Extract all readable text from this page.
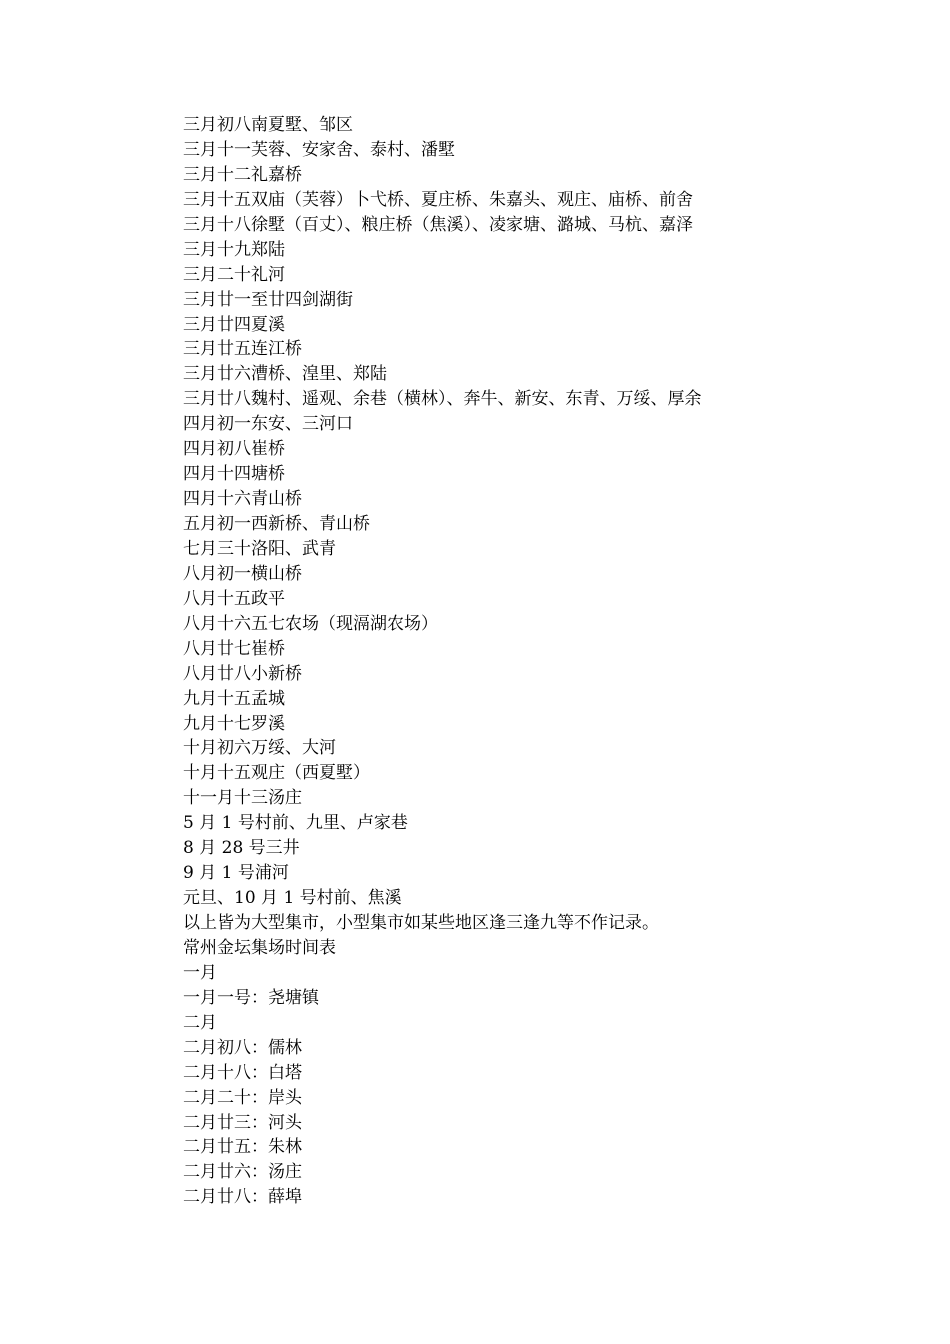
三月初八南夏墅、邹区
三月十一芙蓉、安家舍、泰村、潘墅
三月十二礼嘉桥
三月十五双庙（芙蓉）卜弋桥、夏庄桥、朱嘉头、观庄、庙桥、前舍
三月十八徐墅（百丈）、粮庄桥（焦溪）、凌家塘、潞城、马杭、嘉泽
三月十九郑陆
三月二十礼河
三月廿一至廿四剑湖街
三月廿四夏溪
三月廿五连江桥
三月廿六漕桥、湟里、郑陆
三月廿八魏村、遥观、余巷（横林）、奔牛、新安、东青、万绥、厚余
四月初一东安、三河口
四月初八崔桥
四月十四塘桥
四月十六青山桥
五月初一西新桥、青山桥
七月三十洛阳、武青
八月初一横山桥
八月十五政平
八月十六五七农场（现滆湖农场）
八月廿七崔桥
八月廿八小新桥
九月十五孟城
九月十七罗溪
十月初六万绥、大河
十月十五观庄（西夏墅）
十一月十三汤庄
5 月 1 号村前、九里、卢家巷
8 月 28 号三井
9 月 1 号浦河
元旦、10 月 1 号村前、焦溪
以上皆为大型集市，小型集市如某些地区逢三逢九等不作记录。
常州金坛集场时间表
一月
一月一号：尧塘镇
二月
二月初八：儒林
二月十八：白塔
二月二十：岸头
二月廿三：河头
二月廿五：朱林
二月廿六：汤庄
二月廿八：薛埠
